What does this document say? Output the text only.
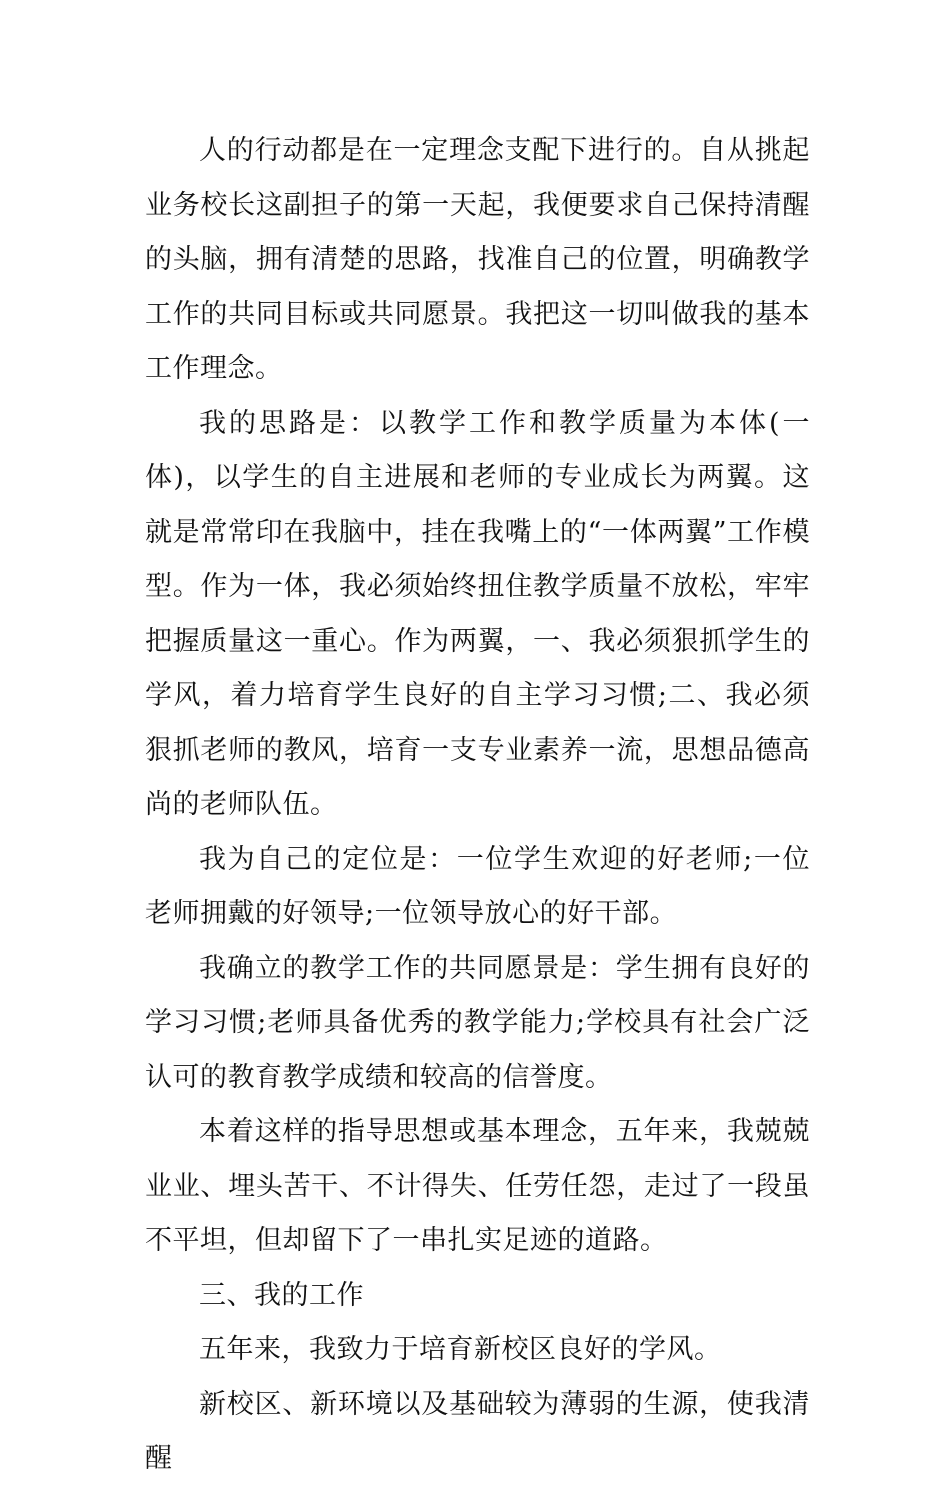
人的行动都是在一定理念支配下进行的。自从挑起业务校长这副担子的第一天起，我便要求自己保持清醒的头脑，拥有清楚的思路，找准自己的位置，明确教学工作的共同目标或共同愿景。我把这一切叫做我的基本工作理念。

我的思路是：以教学工作和教学质量为本体(一体)，以学生的自主进展和老师的专业成长为两翼。这就是常常印在我脑中，挂在我嘴上的“一体两翼”工作模型。作为一体，我必须始终扭住教学质量不放松，牢牢把握质量这一重心。作为两翼，一、我必须狠抓学生的学风，着力培育学生良好的自主学习习惯;二、我必须狠抓老师的教风，培育一支专业素养一流，思想品德高尚的老师队伍。

我为自己的定位是：一位学生欢迎的好老师;一位老师拥戴的好领导;一位领导放心的好干部。

我确立的教学工作的共同愿景是：学生拥有良好的学习习惯;老师具备优秀的教学能力;学校具有社会广泛认可的教育教学成绩和较高的信誉度。

本着这样的指导思想或基本理念，五年来，我兢兢业业、埋头苦干、不计得失、任劳任怨，走过了一段虽不平坦，但却留下了一串扎实足迹的道路。

三、我的工作

五年来，我致力于培育新校区良好的学风。

新校区、新环境以及基础较为薄弱的生源，使我清醒
